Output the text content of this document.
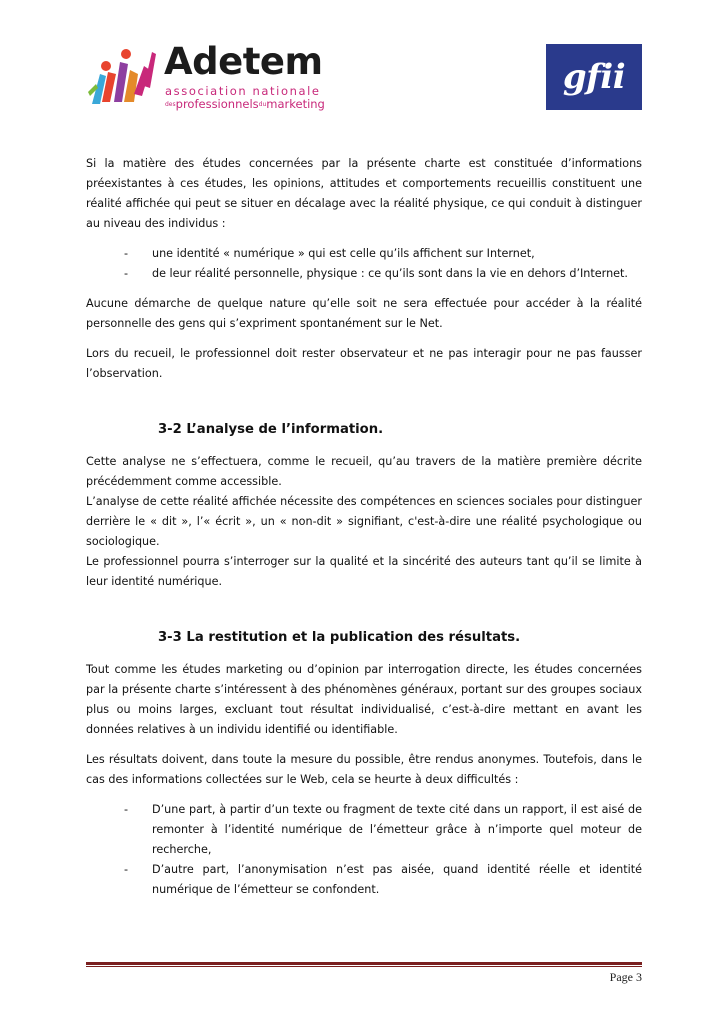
Adetem
association nationale
desprofessionnelsdumarketing
gfii

Si la matière des études concernées par la présente charte est constituée d’informations préexistantes à ces études, les opinions, attitudes et comportements recueillis constituent une réalité affichée qui peut se situer en décalage avec la réalité physique, ce qui conduit à distinguer au niveau des individus :

- une identité « numérique » qui est celle qu’ils affichent sur Internet,
- de leur réalité personnelle, physique : ce qu’ils sont dans la vie en dehors d’Internet.

Aucune démarche de quelque nature qu’elle soit ne sera effectuée pour accéder à la réalité personnelle des gens qui s’expriment spontanément sur le Net.

Lors du recueil, le professionnel doit rester observateur et ne pas interagir pour ne pas fausser l’observation.

3-2 L’analyse de l’information.

Cette analyse ne s’effectuera, comme le recueil, qu’au travers de la matière première décrite précédemment comme accessible.

L’analyse de cette réalité affichée nécessite des compétences en sciences sociales pour distinguer derrière le « dit », l’« écrit », un « non-dit » signifiant, c'est-à-dire une réalité psychologique ou sociologique.

Le professionnel pourra s’interroger sur la qualité et la sincérité des auteurs tant qu’il se limite à leur identité numérique.

3-3 La restitution et la publication des résultats.

Tout comme les études marketing ou d’opinion par interrogation directe, les études concernées par la présente charte s’intéressent à des phénomènes généraux, portant sur des groupes sociaux plus ou moins larges, excluant tout résultat individualisé, c’est-à-dire mettant en avant les données relatives à un individu identifié ou identifiable.

Les résultats doivent, dans toute la mesure du possible, être rendus anonymes. Toutefois, dans le cas des informations collectées sur le Web, cela se heurte à deux difficultés :

- D’une part, à partir d’un texte ou fragment de texte cité dans un rapport, il est aisé de remonter à l’identité numérique de l’émetteur grâce à n’importe quel moteur de recherche,
- D’autre part, l’anonymisation n’est pas aisée, quand identité réelle et identité numérique de l’émetteur se confondent.
Page 3
